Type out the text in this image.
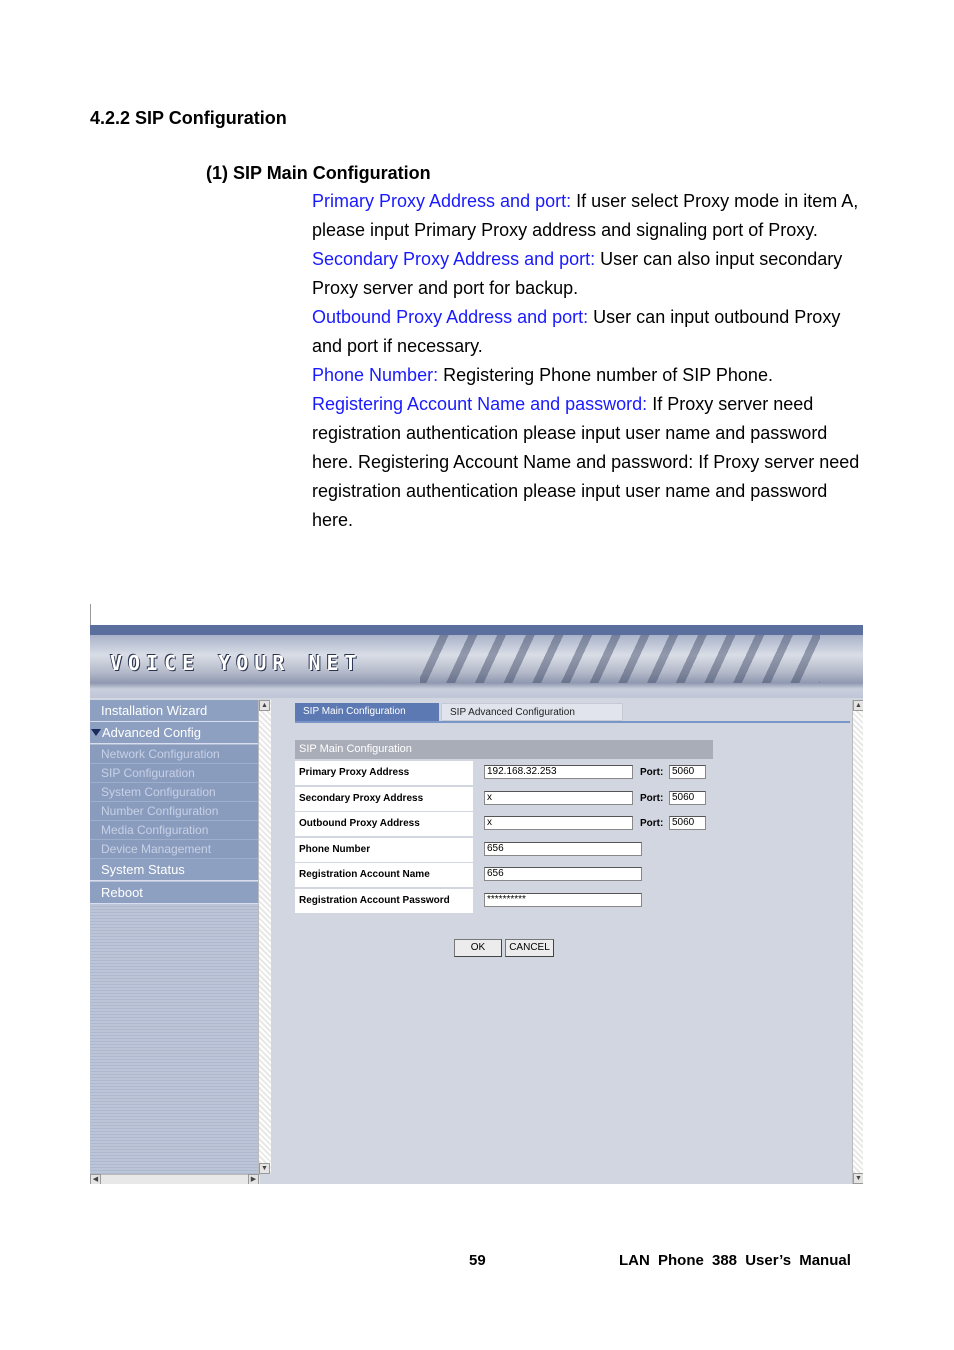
4.2.2 SIP Configuration
(1) SIP Main Configuration
Primary Proxy Address and port: If user select Proxy mode in item A, please input Primary Proxy address and signaling port of Proxy.
Secondary Proxy Address and port: User can also input secondary Proxy server and port for backup.
Outbound Proxy Address and port: User can input outbound Proxy and port if necessary.
Phone Number: Registering Phone number of SIP Phone.
Registering Account Name and password: If Proxy server need registration authentication please input user name and password here. Registering Account Name and password: If Proxy server need registration authentication please input user name and password here.
VOICE YOUR NET
Installation Wizard
Advanced Config
Network Configuration
SIP Configuration
System Configuration
Number Configuration
Media Configuration
Device Management
System Status
Reboot
▲
▼
◀	▶
▲
▼
SIP Main Configuration	SIP Advanced Configuration
SIP Main Configuration
Primary Proxy Address	192.168.32.253	Port: 5060
Secondary Proxy Address	x	Port: 5060
Outbound Proxy Address	x	Port: 5060
Phone Number	656
Registration Account Name	656
Registration Account Password	**********
OK	CANCEL
59	LAN Phone 388 User’s Manual
